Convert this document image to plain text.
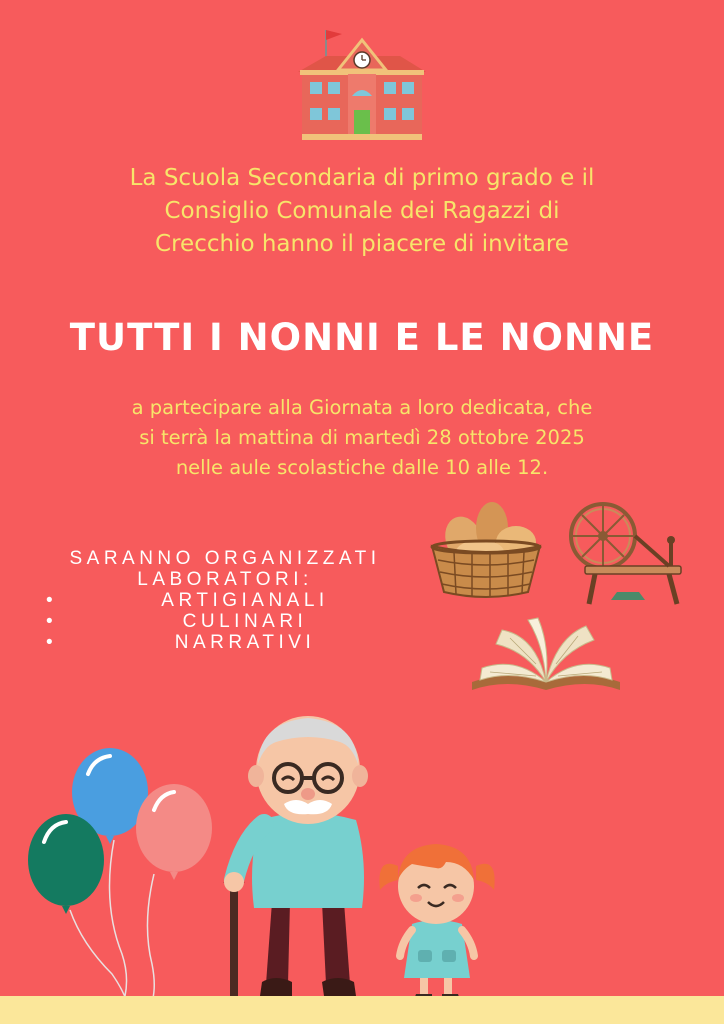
La Scuola Secondaria di primo grado e il
Consiglio Comunale dei Ragazzi di
Crecchio hanno il piacere di invitare
TUTTI I NONNI E LE NONNE
a partecipare alla Giornata a loro dedicata, che
si terrà la mattina di martedì 28 ottobre 2025
nelle aule scolastiche dalle 10 alle 12.
SARANNO ORGANIZZATI
LABORATORI:
•	ARTIGIANALI
•	CULINARI
•	NARRATIVI
